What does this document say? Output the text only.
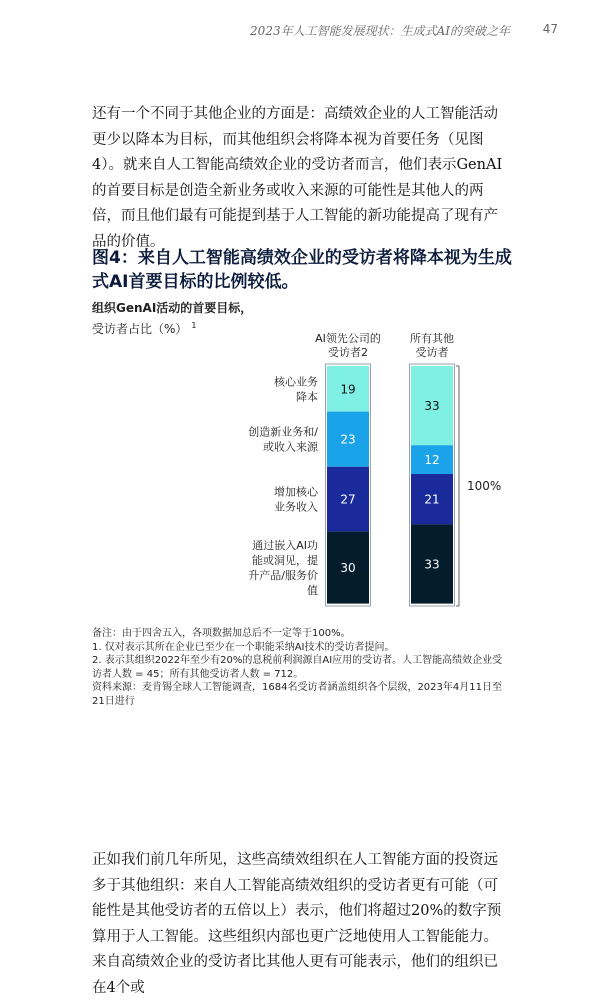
2023年人工智能发展现状：生成式AI的突破之年	47

还有一个不同于其他企业的方面是：高绩效企业的人工智能活动更少以降本为目标，而其他组织会将降本视为首要任务（见图4）。就来自人工智能高绩效企业的受访者而言，他们表示GenAI的首要目标是创造全新业务或收入来源的可能性是其他人的两倍，而且他们最有可能提到基于人工智能的新功能提高了现有产品的价值。

图4：来自人工智能高绩效企业的受访者将降本视为生成式AI首要目标的比例较低。
组织GenAI活动的首要目标，
受访者占比（%） $^1$
AI领先公司的受访者2
19
23
27
30
所有其他受访者
33
12
21
33
核心业务降本
创造新业务和/或收入来源
增加核心业务收入
通过嵌入AI功能或洞见，提升产品/服务价值
100%
备注：由于四舍五入，各项数据加总后不一定等于100%。
1. 仅对表示其所在企业已至少在一个职能采纳AI技术的受访者提问。
2. 表示其组织2022年至少有20%的息税前利润源自AI应用的受访者。人工智能高绩效企业受访者人数 = 45；所有其他受访者人数 = 712。
资料来源：麦肯锡全球人工智能调查，1684名受访者涵盖组织各个层级，2023年4月11日至21日进行

正如我们前几年所见，这些高绩效组织在人工智能方面的投资远多于其他组织：来自人工智能高绩效组织的受访者更有可能（可能性是其他受访者的五倍以上）表示，他们将超过20%的数字预算用于人工智能。这些组织内部也更广泛地使用人工智能能力。来自高绩效企业的受访者比其他人更有可能表示，他们的组织已在4个或
